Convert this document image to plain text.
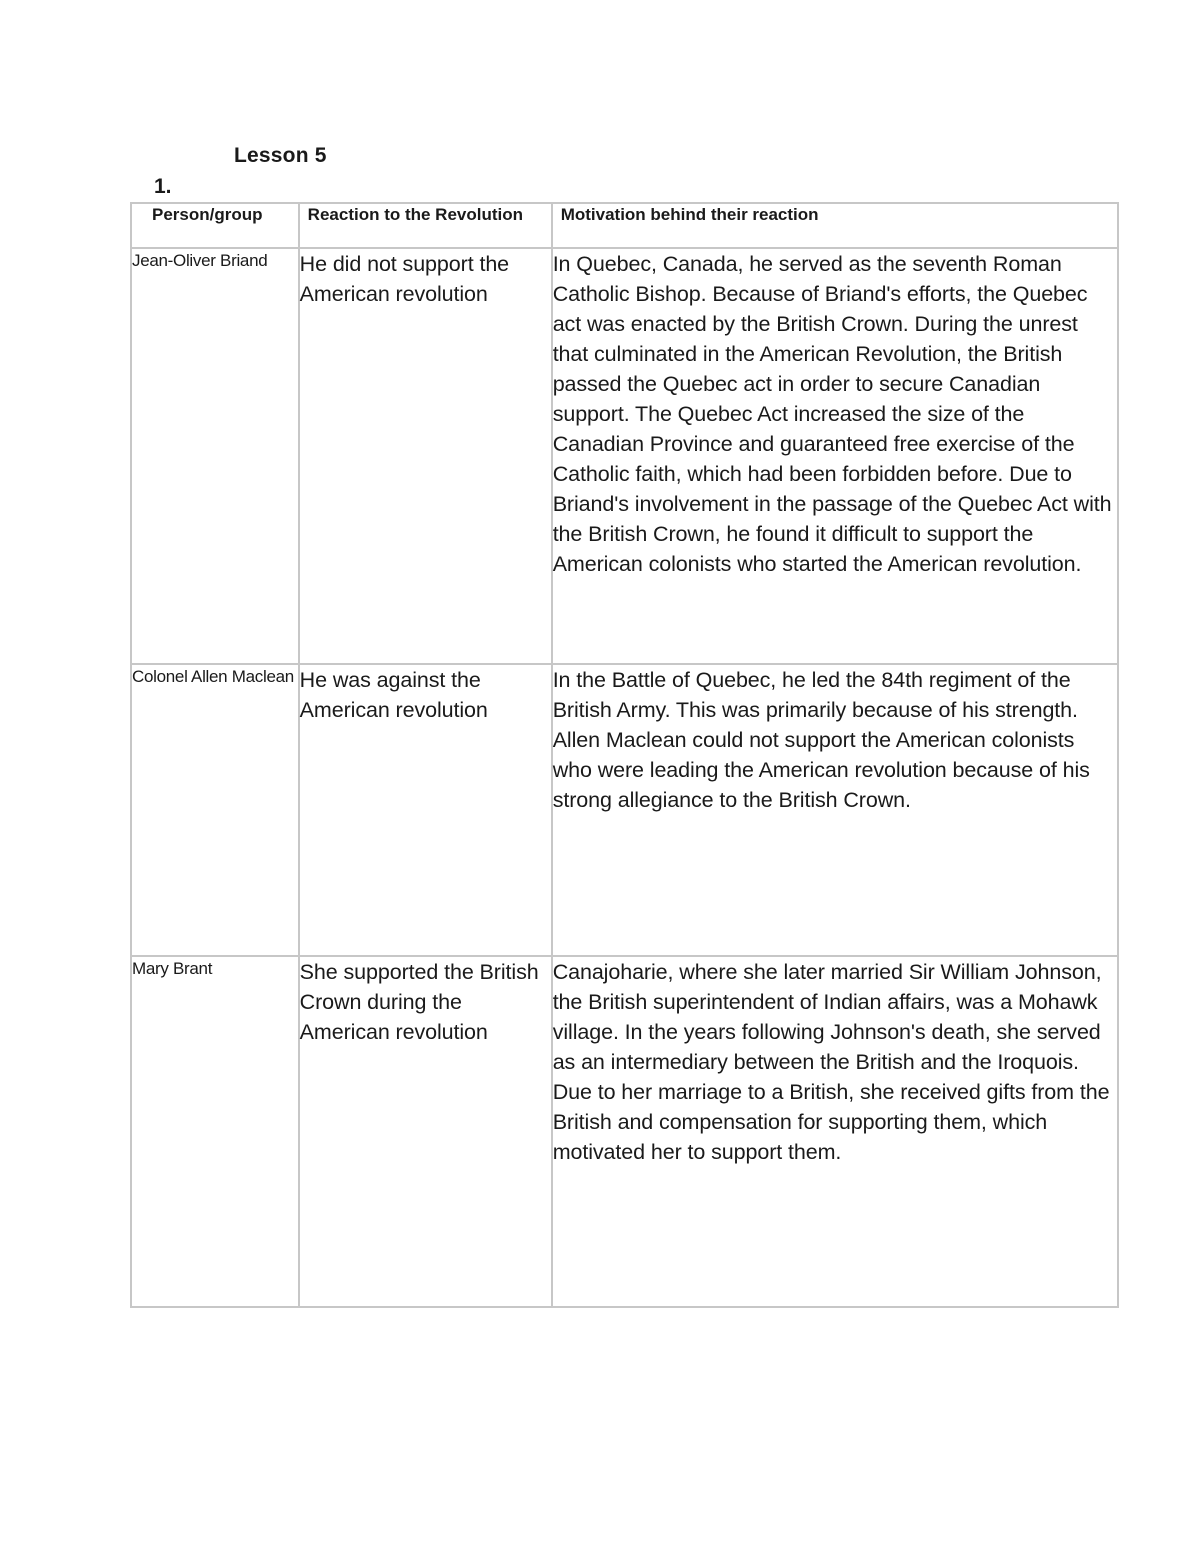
Lesson 5
1.
Person/group	Reaction to the Revolution	Motivation behind their reaction
Jean-Oliver Briand	He did not support the American revolution	In Quebec, Canada, he served as the seventh Roman Catholic Bishop. Because of Briand's efforts, the Quebec act was enacted by the British Crown. During the unrest that culminated in the American Revolution, the British passed the Quebec act in order to secure Canadian support. The Quebec Act increased the size of the Canadian Province and guaranteed free exercise of the Catholic faith, which had been forbidden before. Due to Briand's involvement in the passage of the Quebec Act with the British Crown, he found it difficult to support the American colonists who started the American revolution.
Colonel Allen Maclean	He was against the American revolution	In the Battle of Quebec, he led the 84th regiment of the British Army. This was primarily because of his strength. Allen Maclean could not support the American colonists who were leading the American revolution because of his strong allegiance to the British Crown.
Mary Brant	She supported the British Crown during the American revolution	Canajoharie, where she later married Sir William Johnson, the British superintendent of Indian affairs, was a Mohawk village. In the years following Johnson's death, she served as an intermediary between the British and the Iroquois. Due to her marriage to a British, she received gifts from the British and compensation for supporting them, which motivated her to support them.
